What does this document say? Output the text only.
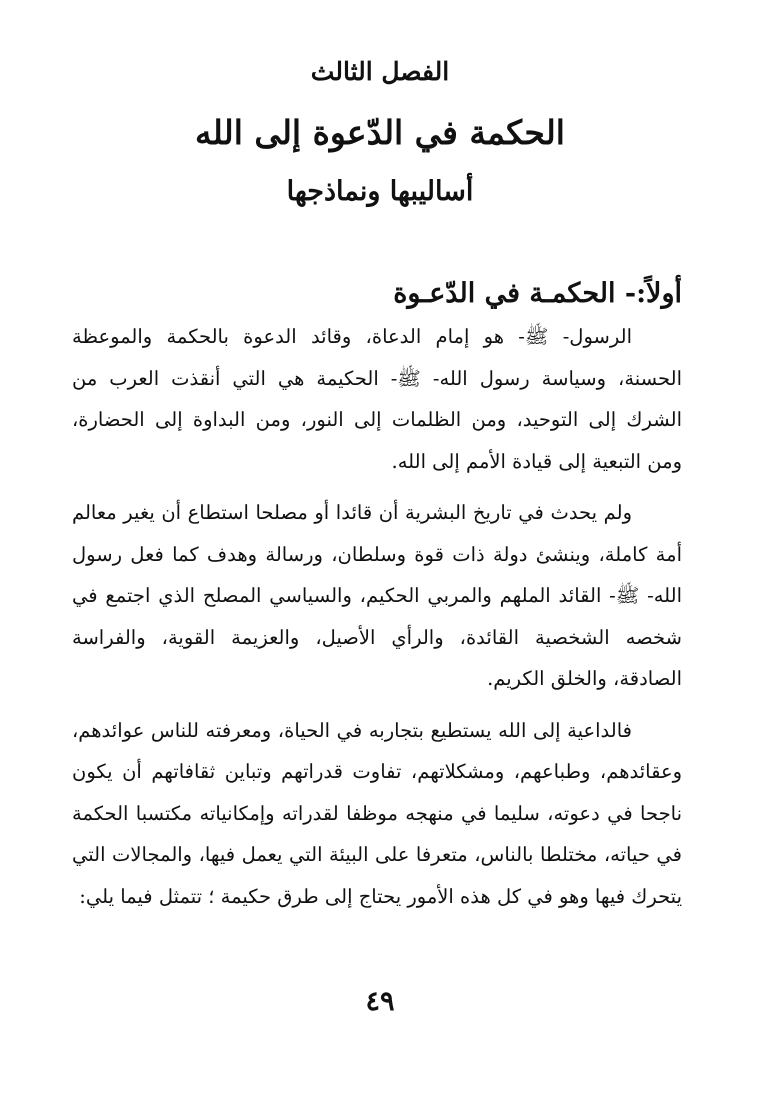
الفصل الثالث
الحكمة في الدّعوة إلى الله
أساليبها ونماذجها
أولاً:- الحكمـة في الدّعـوة

الرسول- ﷺ- هو إمام الدعاة، وقائد الدعوة بالحكمة والموعظة الحسنة، وسياسة رسول الله- ﷺ- الحكيمة هي التي أنقذت العرب من الشرك إلى التوحيد، ومن الظلمات إلى النور، ومن البداوة إلى الحضارة، ومن التبعية إلى قيادة الأمم إلى الله.

ولم يحدث في تاريخ البشرية أن قائدا أو مصلحا استطاع أن يغير معالم أمة كاملة، وينشئ دولة ذات قوة وسلطان، ورسالة وهدف كما فعل رسول الله- ﷺ- القائد الملهم والمربي الحكيم، والسياسي المصلح الذي اجتمع في شخصه الشخصية القائدة، والرأي الأصيل، والعزيمة القوية، والفراسة الصادقة، والخلق الكريم.

فالداعية إلى الله يستطيع بتجاربه في الحياة، ومعرفته للناس عوائدهم، وعقائدهم، وطباعهم، ومشكلاتهم، تفاوت قدراتهم وتباين ثقافاتهم أن يكون ناجحا في دعوته، سليما في منهجه موظفا لقدراته وإمكانياته مكتسبا الحكمة في حياته، مختلطا بالناس، متعرفا على البيئة التي يعمل فيها، والمجالات التي يتحرك فيها وهو في كل هذه الأمور يحتاج إلى طرق حكيمة ؛ تتمثل فيما يلي:

٤٩
